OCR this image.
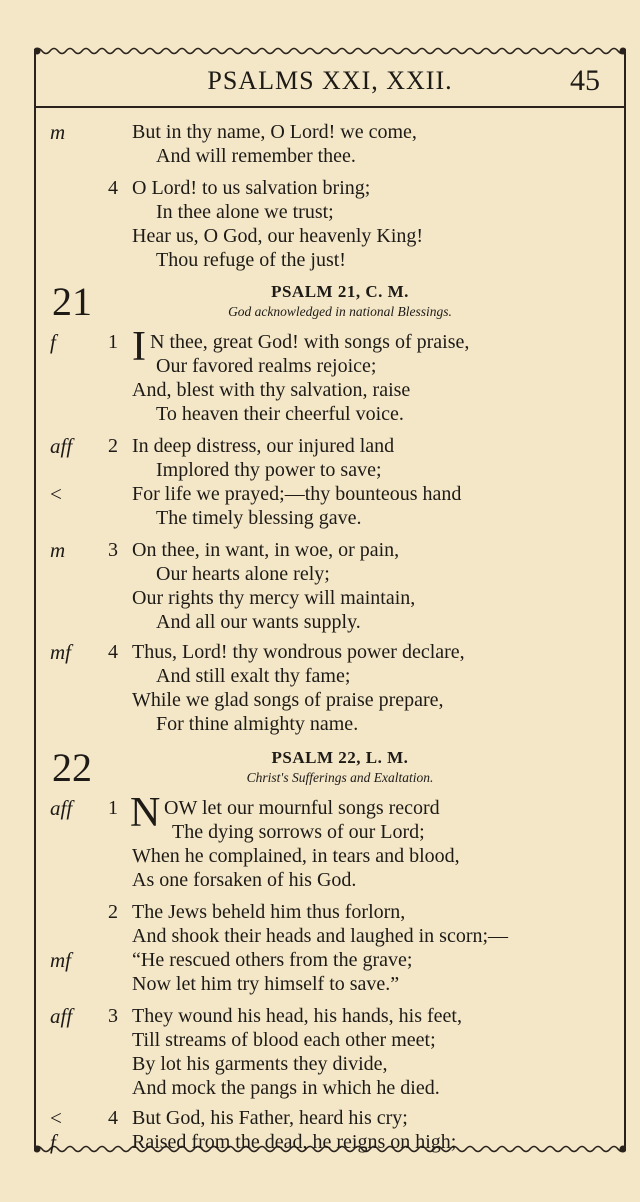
PSALMS XXI, XXII.	45
m	But in thy name, O Lord! we come,
And will remember thee.
4 O Lord! to us salvation bring;
In thee alone we trust;
Hear us, O God, our heavenly King!
Thou refuge of the just!
21	PSALM 21, C. M.
God acknowledged in national Blessings.
f	1 I N thee, great God! with songs of praise,
Our favored realms rejoice;
And, blest with thy salvation, raise
To heaven their cheerful voice.
aff 2 In deep distress, our injured land
Implored thy power to save;
<	For life we prayed;—thy bounteous hand
The timely blessing gave.
m 3 On thee, in want, in woe, or pain,
Our hearts alone rely;
Our rights thy mercy will maintain,
And all our wants supply.
mf 4 Thus, Lord! thy wondrous power declare,
And still exalt thy fame;
While we glad songs of praise prepare,
For thine almighty name.
22	PSALM 22, L. M.
Christ's Sufferings and Exaltation.
aff 1 N OW let our mournful songs record
The dying sorrows of our Lord;
When he complained, in tears and blood,
As one forsaken of his God.
2 The Jews beheld him thus forlorn,
And shook their heads and laughed in scorn;—
mf	“He rescued others from the grave;
Now let him try himself to save.”
aff 3 They wound his head, his hands, his feet,
Till streams of blood each other meet;
By lot his garments they divide,
And mock the pangs in which he died.
< 4 But God, his Father, heard his cry;
f	Raised from the dead, he reigns on high;
